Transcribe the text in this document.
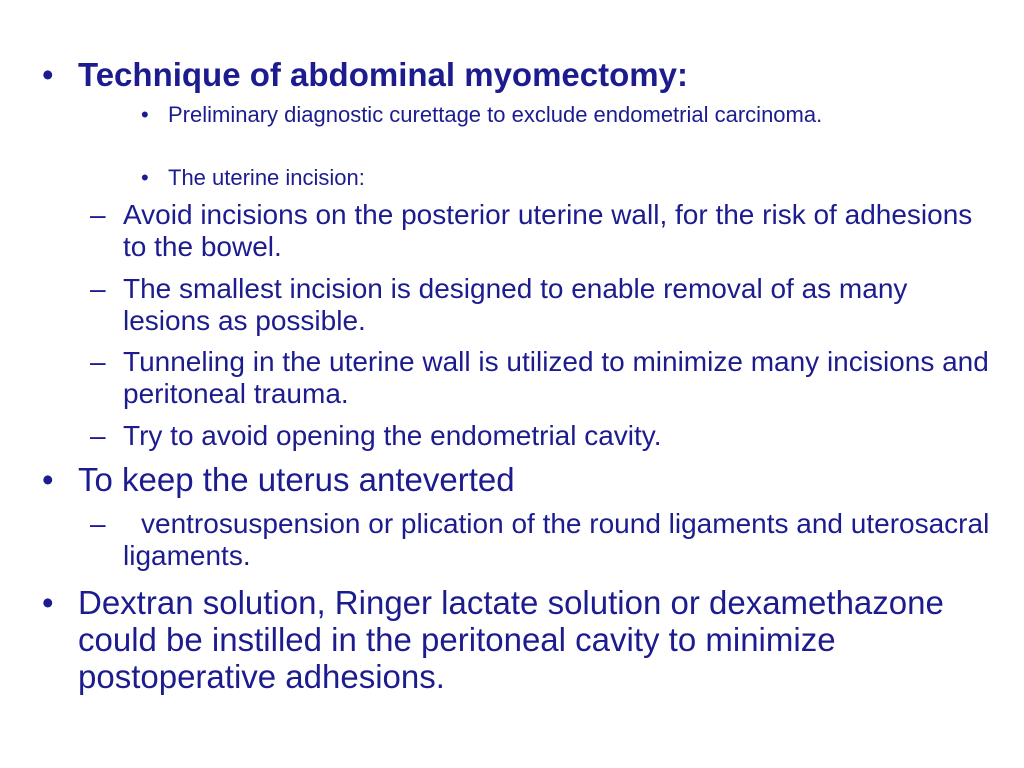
• Technique of abdominal myomectomy:
• Preliminary diagnostic curettage to exclude endometrial carcinoma.
• The uterine incision:
– Avoid incisions on the posterior uterine wall, for the risk of adhesions to the bowel.
– The smallest incision is designed to enable removal of as many lesions as possible.
– Tunneling in the uterine wall is utilized to minimize many incisions and peritoneal trauma.
– Try to avoid opening the endometrial cavity.
• To keep the uterus anteverted
–	ventrosuspension or plication of the round ligaments and uterosacral ligaments.
• Dextran solution, Ringer lactate solution or dexamethazone could be instilled in the peritoneal cavity to minimize postoperative adhesions.
